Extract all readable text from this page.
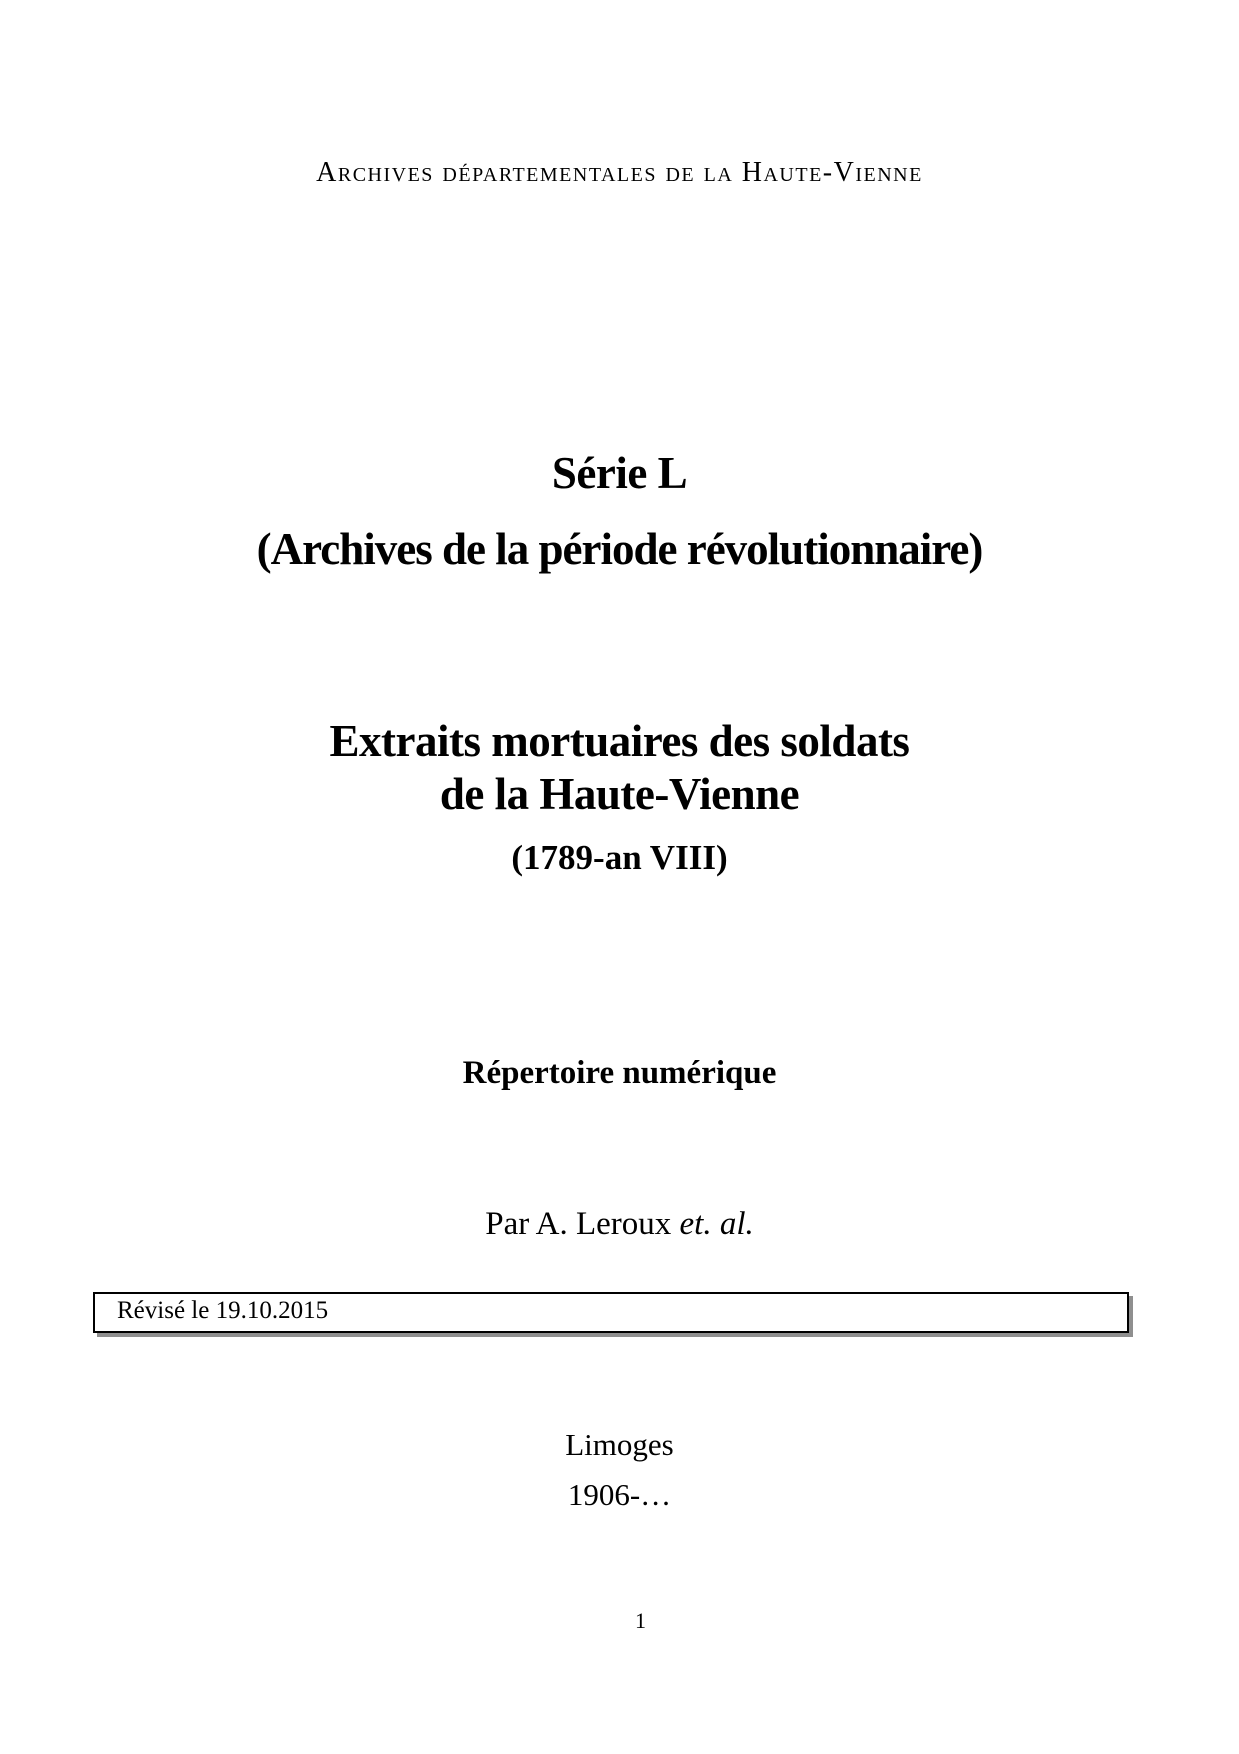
Archives départementales de la Haute-Vienne
Série L
(Archives de la période révolutionnaire)
Extraits mortuaires des soldats
de la Haute-Vienne
(1789-an VIII)
Répertoire numérique
Par A. Leroux et. al.
Révisé le 19.10.2015
Limoges
1906-…
1
